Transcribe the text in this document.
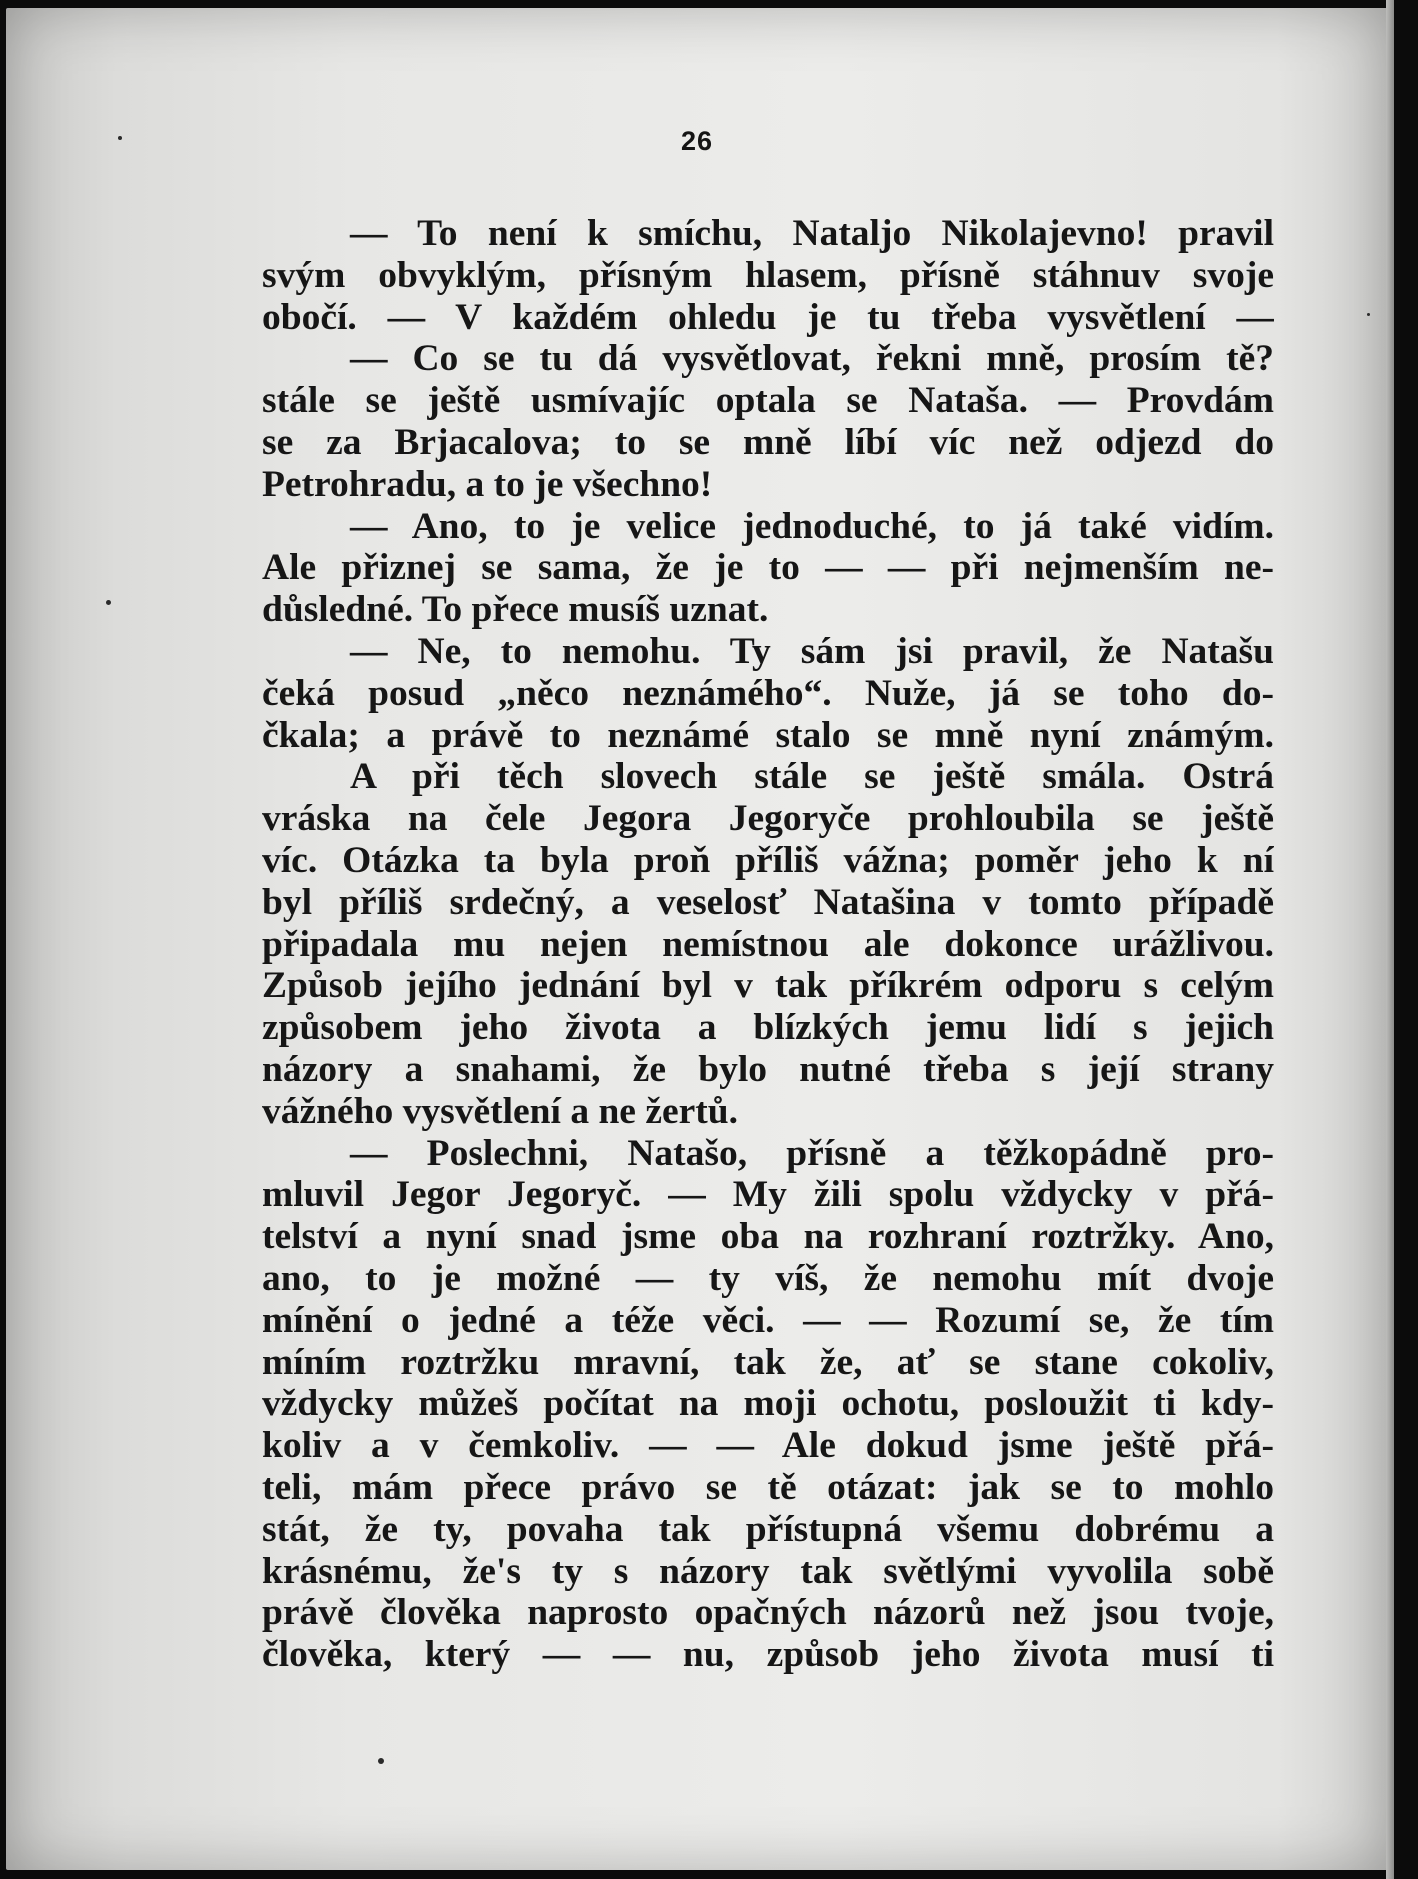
26
— To není k smíchu, Nataljo Nikolajevno! pravil
svým obvyklým, přísným hlasem, přísně stáhnuv svoje
obočí. — V každém ohledu je tu třeba vysvětlení —
— Co se tu dá vysvětlovat, řekni mně, prosím tě?
stále se ještě usmívajíc optala se Nataša. — Provdám
se za Brjacalova; to se mně líbí víc než odjezd do
Petrohradu, a to je všechno!
— Ano, to je velice jednoduché, to já také vidím.
Ale přiznej se sama, že je to — — při nejmenším ne-
důsledné. To přece musíš uznat.
— Ne, to nemohu. Ty sám jsi pravil, že Natašu
čeká posud „něco neznámého“. Nuže, já se toho do-
čkala; a právě to neznámé stalo se mně nyní známým.
A při těch slovech stále se ještě smála. Ostrá
vráska na čele Jegora Jegoryče prohloubila se ještě
víc. Otázka ta byla proň příliš vážna; poměr jeho k ní
byl příliš srdečný, a veselosť Natašina v tomto případě
připadala mu nejen nemístnou ale dokonce urážlivou.
Způsob jejího jednání byl v tak příkrém odporu s celým
způsobem jeho života a blízkých jemu lidí s jejich
názory a snahami, že bylo nutné třeba s její strany
vážného vysvětlení a ne žertů.
— Poslechni, Natašo, přísně a těžkopádně pro-
mluvil Jegor Jegoryč. — My žili spolu vždycky v přá-
telství a nyní snad jsme oba na rozhraní roztržky. Ano,
ano, to je možné — ty víš, že nemohu mít dvoje
mínění o jedné a téže věci. — — Rozumí se, že tím
míním roztržku mravní, tak že, ať se stane cokoliv,
vždycky můžeš počítat na moji ochotu, posloužit ti kdy-
koliv a v čemkoliv. — — Ale dokud jsme ještě přá-
teli, mám přece právo se tě otázat: jak se to mohlo
stát, že ty, povaha tak přístupná všemu dobrému a
krásnému, že's ty s názory tak světlými vyvolila sobě
právě člověka naprosto opačných názorů než jsou tvoje,
člověka, který — — nu, způsob jeho života musí ti
